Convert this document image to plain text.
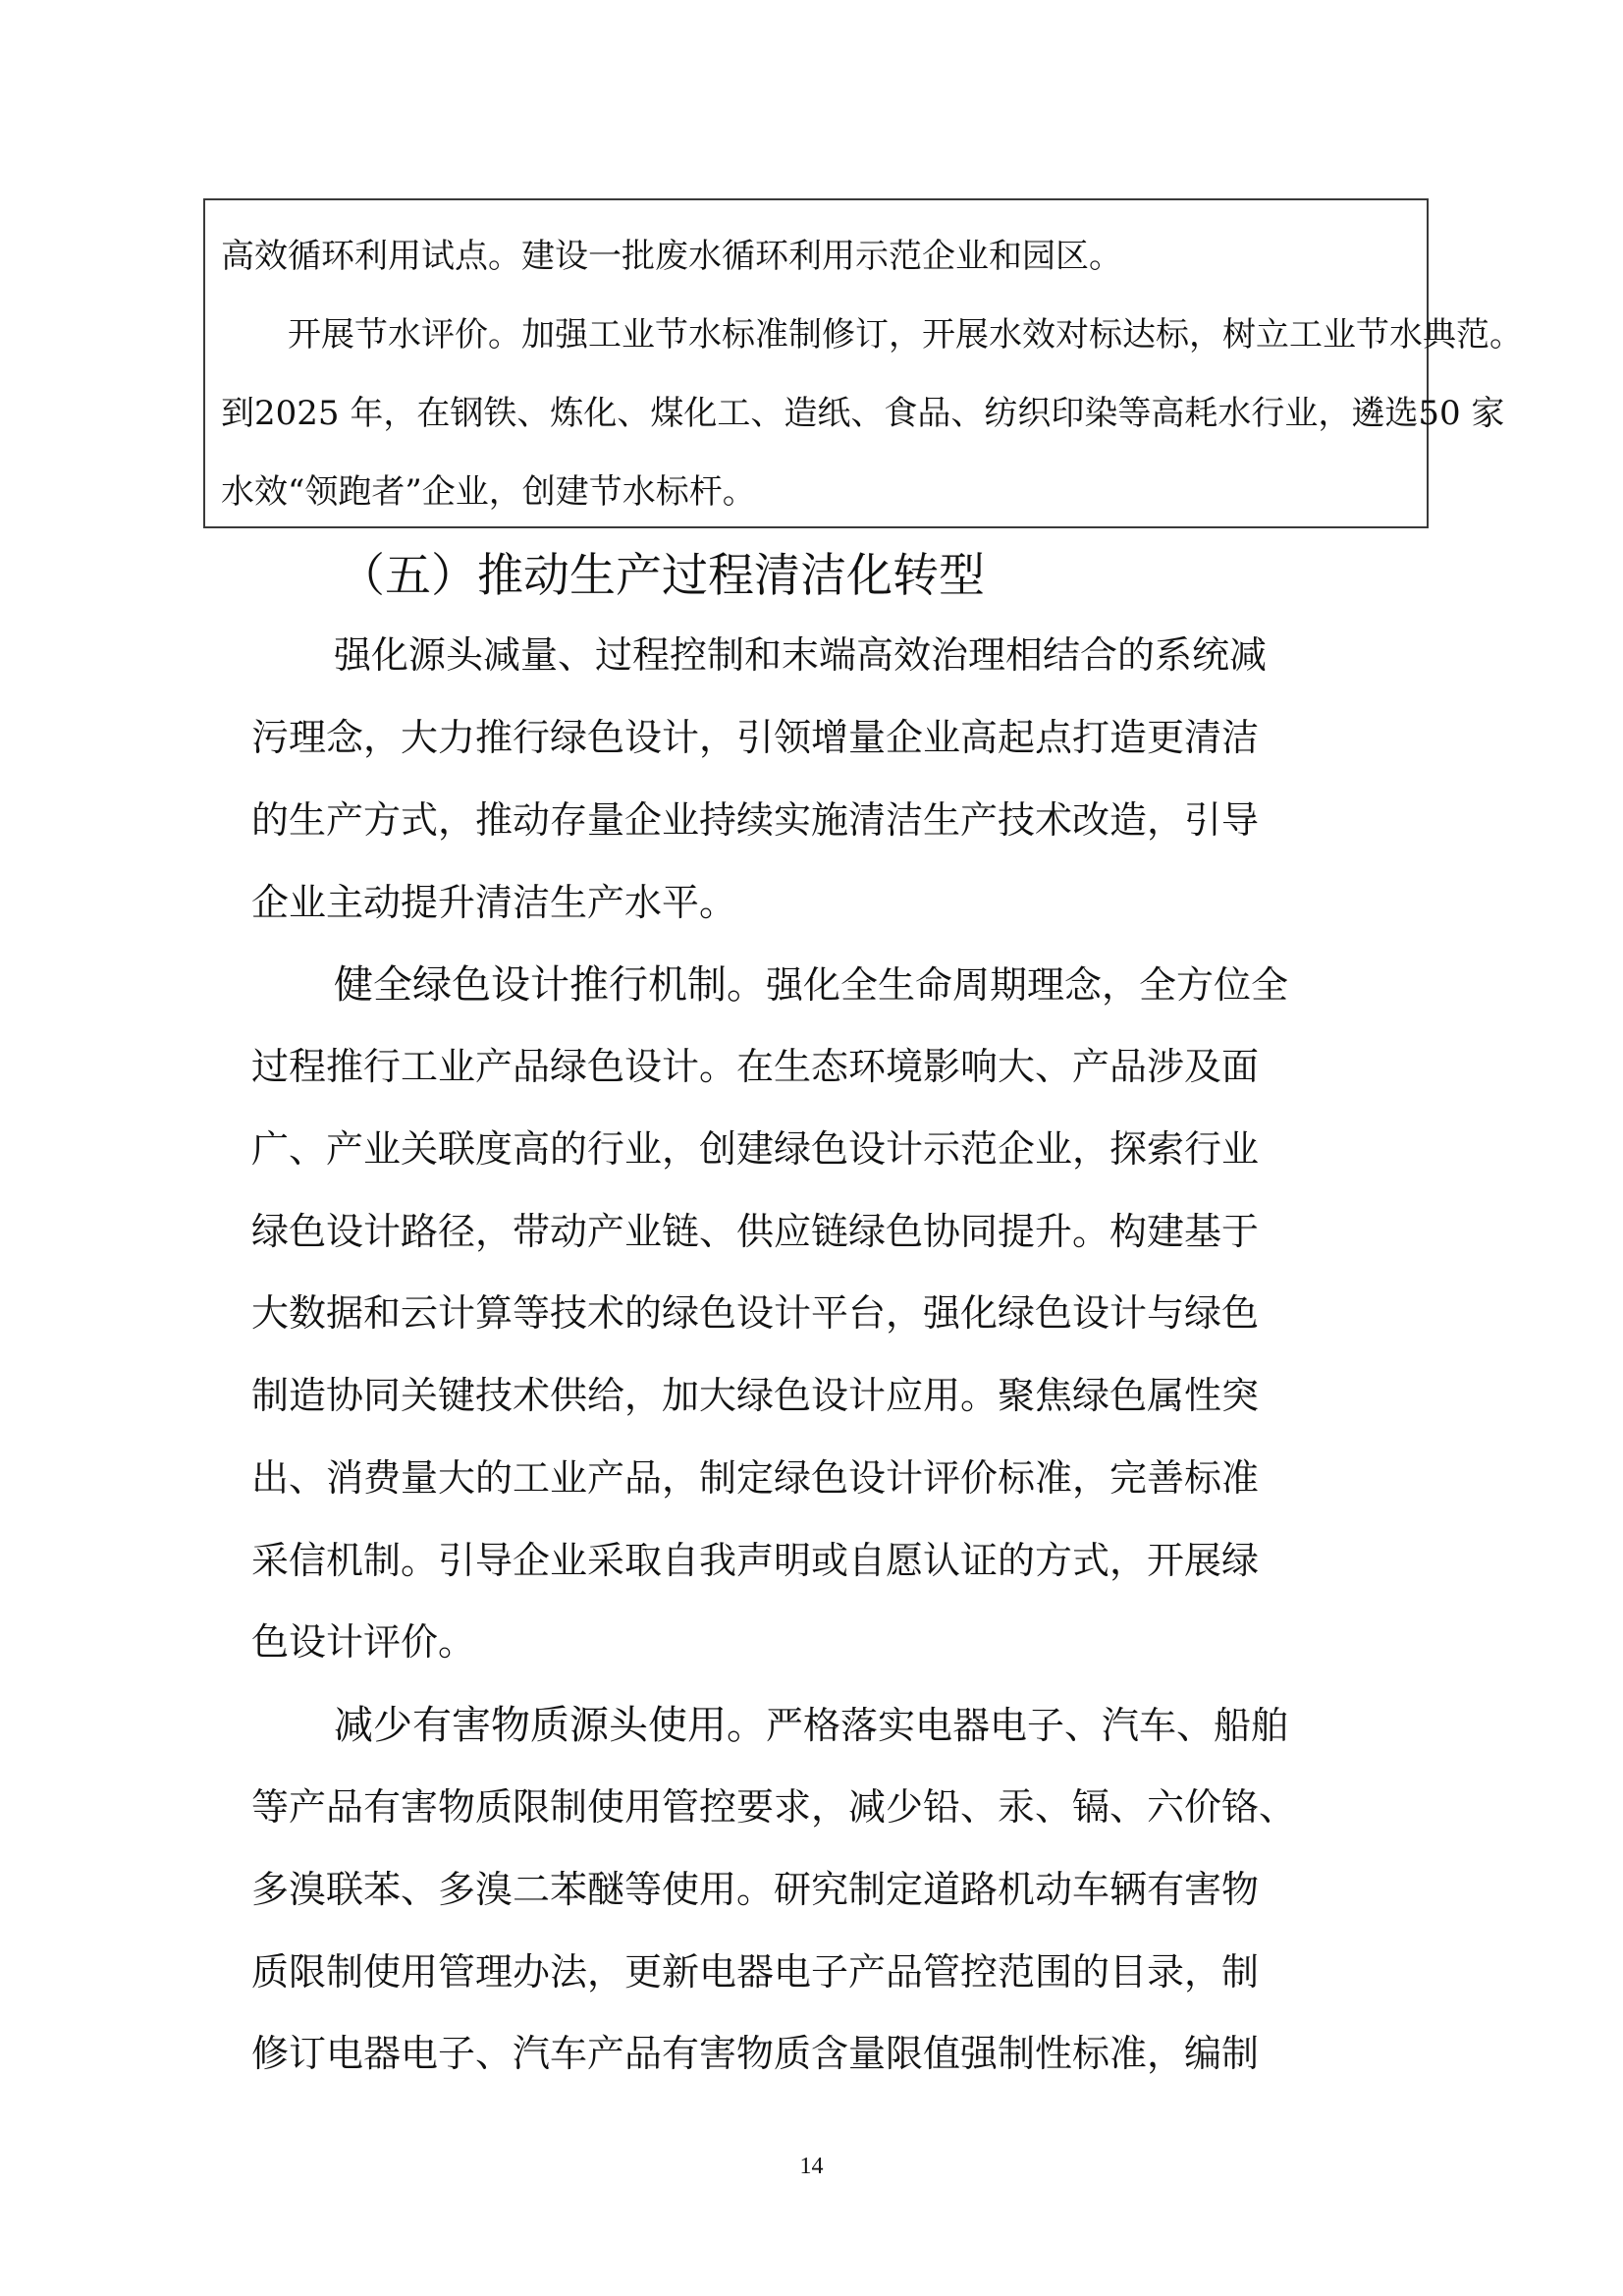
高效循环利用试点。建设一批废水循环利用示范企业和园区。
开展节水评价。加强工业节水标准制修订，开展水效对标达标，树立工业节水典范。
到2025 年，在钢铁、炼化、煤化工、造纸、食品、纺织印染等高耗水行业，遴选50 家
水效“领跑者”企业，创建节水标杆。
（五）推动生产过程清洁化转型
强化源头减量、过程控制和末端高效治理相结合的系统减
污理念，大力推行绿色设计，引领增量企业高起点打造更清洁
的生产方式，推动存量企业持续实施清洁生产技术改造，引导
企业主动提升清洁生产水平。
健全绿色设计推行机制。强化全生命周期理念，全方位全
过程推行工业产品绿色设计。在生态环境影响大、产品涉及面
广、产业关联度高的行业，创建绿色设计示范企业，探索行业
绿色设计路径，带动产业链、供应链绿色协同提升。构建基于
大数据和云计算等技术的绿色设计平台，强化绿色设计与绿色
制造协同关键技术供给，加大绿色设计应用。聚焦绿色属性突
出、消费量大的工业产品，制定绿色设计评价标准，完善标准
采信机制。引导企业采取自我声明或自愿认证的方式，开展绿
色设计评价。
减少有害物质源头使用。严格落实电器电子、汽车、船舶
等产品有害物质限制使用管控要求，减少铅、汞、镉、六价铬、
多溴联苯、多溴二苯醚等使用。研究制定道路机动车辆有害物
质限制使用管理办法，更新电器电子产品管控范围的目录，制
修订电器电子、汽车产品有害物质含量限值强制性标准，编制
14
